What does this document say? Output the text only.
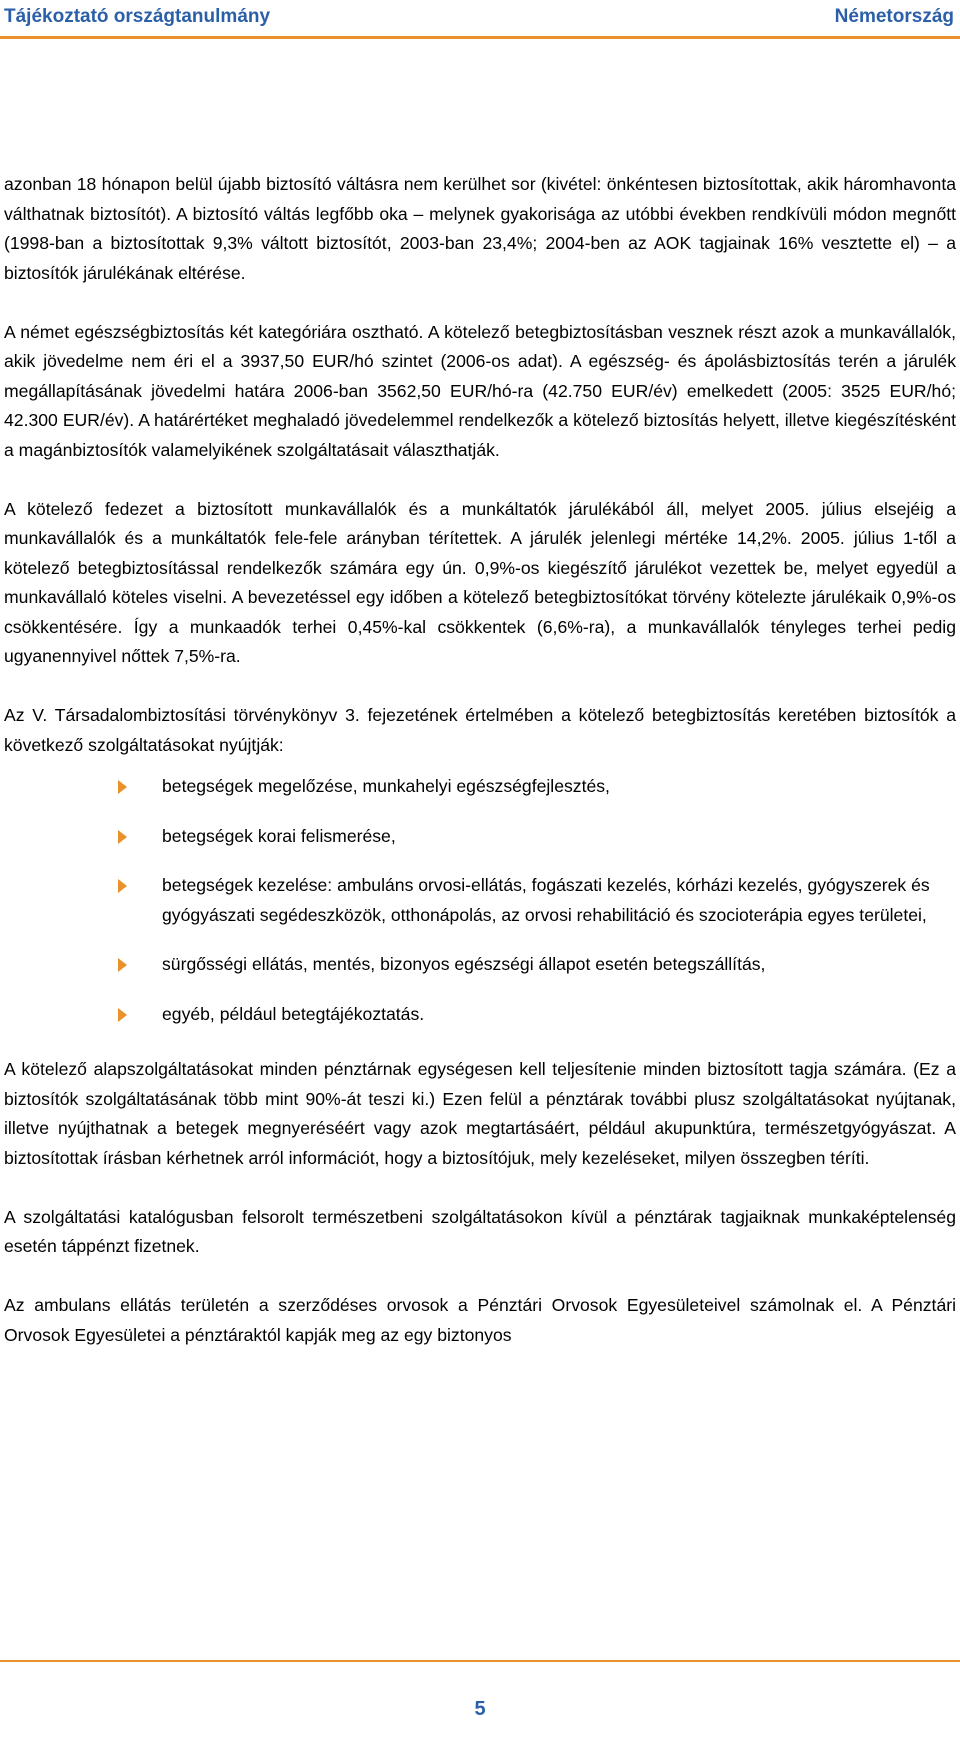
Tájékoztató országtanulmány	Németország

azonban 18 hónapon belül újabb biztosító váltásra nem kerülhet sor (kivétel: önkéntesen biztosítottak, akik háromhavonta válthatnak biztosítót). A biztosító váltás legfőbb oka – melynek gyakorisága az utóbbi években rendkívüli módon megnőtt (1998-ban a biztosítottak 9,3% váltott biztosítót, 2003-ban 23,4%; 2004-ben az AOK tagjainak 16% vesztette el) – a biztosítók járulékának eltérése.

A német egészségbiztosítás két kategóriára osztható. A kötelező betegbiztosításban vesznek részt azok a munkavállalók, akik jövedelme nem éri el a 3937,50 EUR/hó szintet (2006-os adat). A egészség- és ápolásbiztosítás terén a járulék megállapításának jövedelmi határa 2006-ban 3562,50 EUR/hó-ra (42.750 EUR/év) emelkedett (2005: 3525 EUR/hó; 42.300 EUR/év). A határértéket meghaladó jövedelemmel rendelkezők a kötelező biztosítás helyett, illetve kiegészítésként a magánbiztosítók valamelyikének szolgáltatásait választhatják.

A kötelező fedezet a biztosított munkavállalók és a munkáltatók járulékából áll, melyet 2005. július elsejéig a munkavállalók és a munkáltatók fele-fele arányban térítettek. A járulék jelenlegi mértéke 14,2%. 2005. július 1-től a kötelező betegbiztosítással rendelkezők számára egy ún. 0,9%-os kiegészítő járulékot vezettek be, melyet egyedül a munkavállaló köteles viselni. A bevezetéssel egy időben a kötelező betegbiztosítókat törvény kötelezte járulékaik 0,9%-os csökkentésére. Így a munkaadók terhei 0,45%-kal csökkentek (6,6%-ra), a munkavállalók tényleges terhei pedig ugyanennyivel nőttek 7,5%-ra.

Az V. Társadalombiztosítási törvénykönyv 3. fejezetének értelmében a kötelező betegbiztosítás keretében biztosítók a következő szolgáltatásokat nyújtják:

betegségek megelőzése, munkahelyi egészségfejlesztés,
betegségek korai felismerése,
betegségek kezelése: ambuláns orvosi-ellátás, fogászati kezelés, kórházi kezelés, gyógyszerek és gyógyászati segédeszközök, otthonápolás, az orvosi rehabilitáció és szocioterápia egyes területei,
sürgősségi ellátás, mentés, bizonyos egészségi állapot esetén betegszállítás,
egyéb, például betegtájékoztatás.

A kötelező alapszolgáltatásokat minden pénztárnak egységesen kell teljesítenie minden biztosított tagja számára. (Ez a biztosítók szolgáltatásának több mint 90%-át teszi ki.) Ezen felül a pénztárak további plusz szolgáltatásokat nyújtanak, illetve nyújthatnak a betegek megnyeréséért vagy azok megtartásáért, például akupunktúra, természetgyógyászat. A biztosítottak írásban kérhetnek arról információt, hogy a biztosítójuk, mely kezeléseket, milyen összegben téríti.

A szolgáltatási katalógusban felsorolt természetbeni szolgáltatásokon kívül a pénztárak tagjaiknak munkaképtelenség esetén táppénzt fizetnek.

Az ambulans ellátás területén a szerződéses orvosok a Pénztári Orvosok Egyesületeivel számolnak el. A Pénztári Orvosok Egyesületei a pénztáraktól kapják meg az egy biztonyos

5
